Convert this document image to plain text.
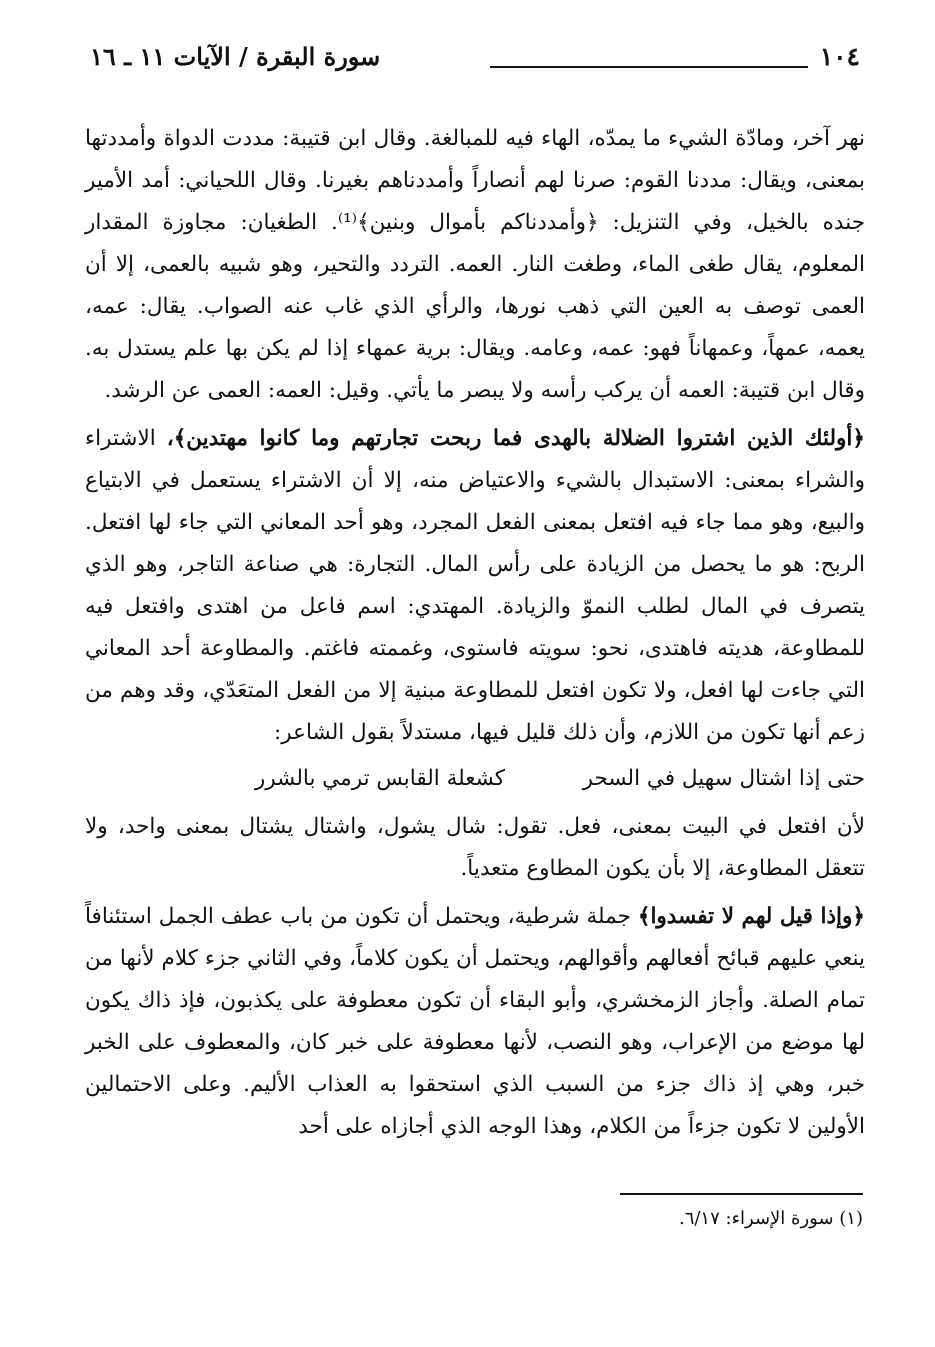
١٠٤
سورة البقرة / الآيات ١١ ـ ١٦

نهر آخر، ومادّة الشيء ما يمدّه، الهاء فيه للمبالغة. وقال ابن قتيبة: مددت الدواة وأمددتها بمعنى، ويقال: مددنا القوم: صرنا لهم أنصاراً وأمددناهم بغيرنا. وقال اللحياني: أمد الأمير جنده بالخيل، وفي التنزيل: ﴿وأمددناكم بأموال وبنين﴾⁽¹⁾. الطغيان: مجاوزة المقدار المعلوم، يقال طغى الماء، وطغت النار. العمه. التردد والتحير، وهو شبيه بالعمى، إلا أن العمى توصف به العين التي ذهب نورها، والرأي الذي غاب عنه الصواب. يقال: عمه، يعمه، عمهاً، وعمهاناً فهو: عمه، وعامه. ويقال: برية عمهاء إذا لم يكن بها علم يستدل به. وقال ابن قتيبة: العمه أن يركب رأسه ولا يبصر ما يأتي. وقيل: العمه: العمى عن الرشد.

﴿أولئك الذين اشتروا الضلالة بالهدى فما ربحت تجارتهم وما كانوا مهتدين﴾، الاشتراء والشراء بمعنى: الاستبدال بالشيء والاعتياض منه، إلا أن الاشتراء يستعمل في الابتياع والبيع، وهو مما جاء فيه افتعل بمعنى الفعل المجرد، وهو أحد المعاني التي جاء لها افتعل. الربح: هو ما يحصل من الزيادة على رأس المال. التجارة: هي صناعة التاجر، وهو الذي يتصرف في المال لطلب النموّ والزيادة. المهتدي: اسم فاعل من اهتدى وافتعل فيه للمطاوعة، هديته فاهتدى، نحو: سويته فاستوى، وغممته فاغتم. والمطاوعة أحد المعاني التي جاءت لها افعل، ولا تكون افتعل للمطاوعة مبنية إلا من الفعل المتعَدّي، وقد وهم من زعم أنها تكون من اللازم، وأن ذلك قليل فيها، مستدلاً بقول الشاعر:

حتى إذا اشتال سهيل في السحر
كشعلة القابس ترمي بالشرر

لأن افتعل في البيت بمعنى، فعل. تقول: شال يشول، واشتال يشتال بمعنى واحد، ولا تتعقل المطاوعة، إلا بأن يكون المطاوع متعدياً.

﴿وإذا قيل لهم لا تفسدوا﴾ جملة شرطية، ويحتمل أن تكون من باب عطف الجمل استئنافاً ينعي عليهم قبائح أفعالهم وأقوالهم، ويحتمل أن يكون كلاماً، وفي الثاني جزء كلام لأنها من تمام الصلة. وأجاز الزمخشري، وأبو البقاء أن تكون معطوفة على يكذبون، فإذ ذاك يكون لها موضع من الإعراب، وهو النصب، لأنها معطوفة على خبر كان، والمعطوف على الخبر خبر، وهي إذ ذاك جزء من السبب الذي استحقوا به العذاب الأليم. وعلى الاحتمالين الأولين لا تكون جزءاً من الكلام، وهذا الوجه الذي أجازاه على أحد

(١) سورة الإسراء: ٦/١٧.
